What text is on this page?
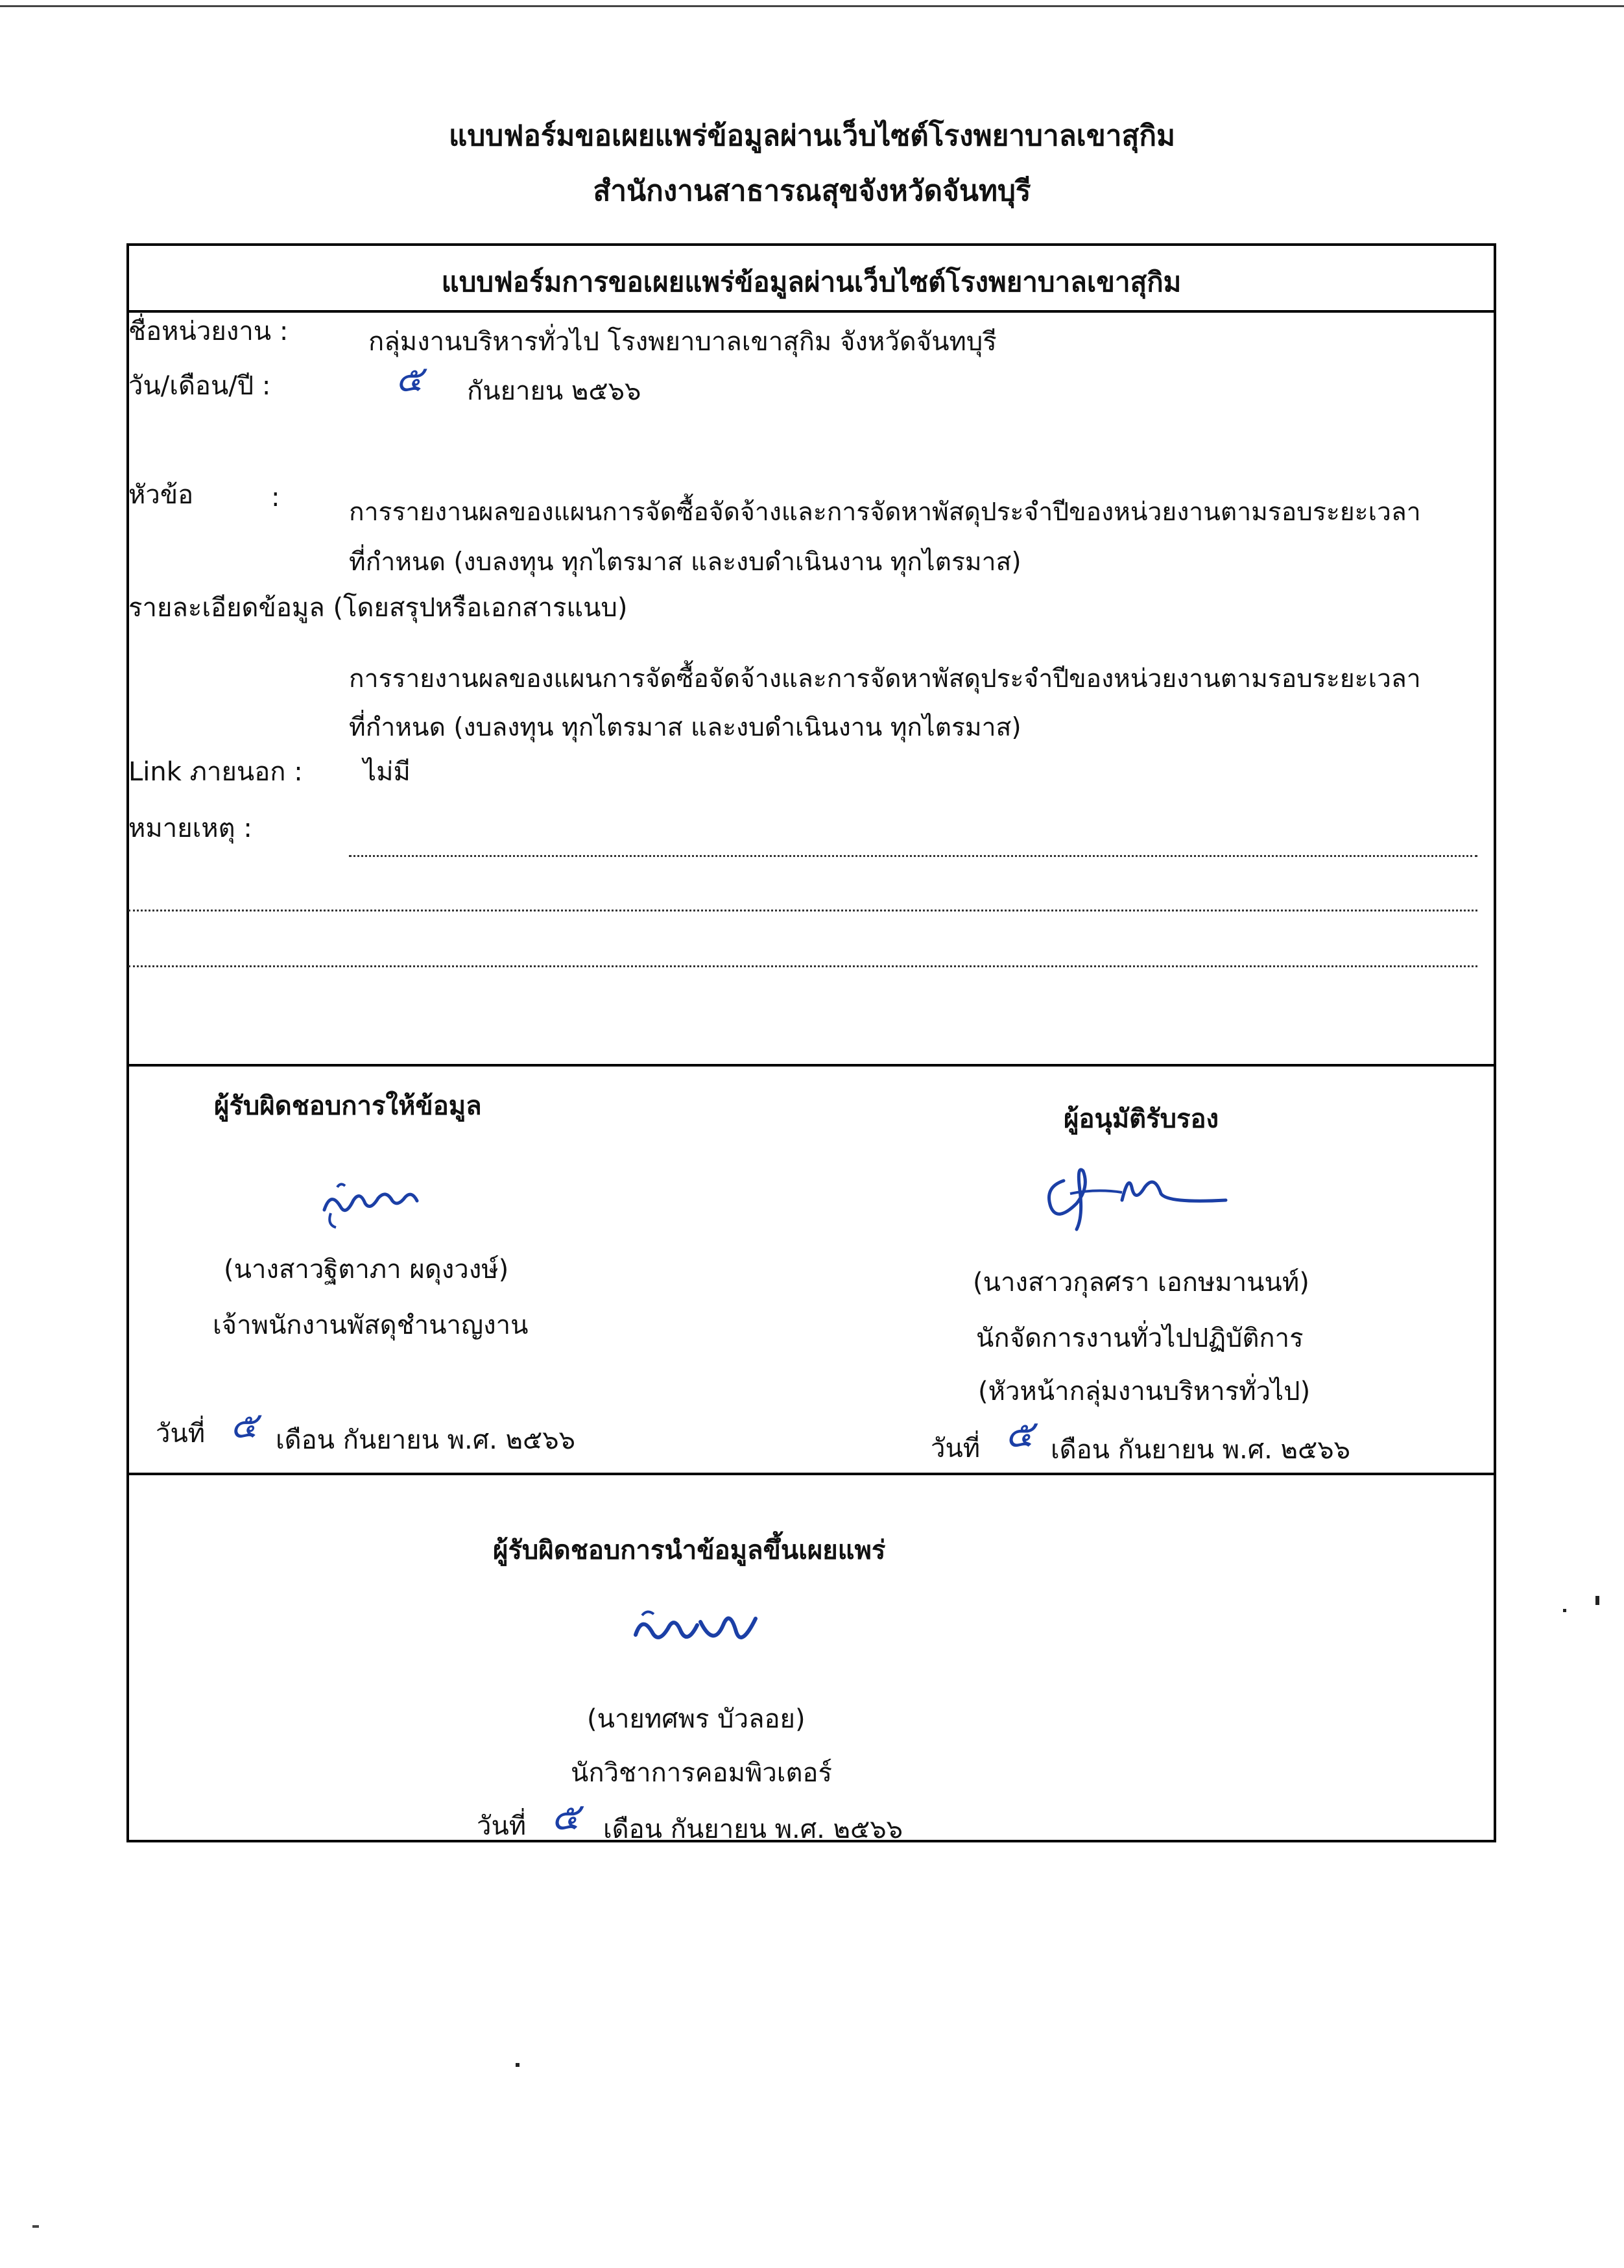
แบบฟอร์มขอเผยแพร่ข้อมูลผ่านเว็บไซต์โรงพยาบาลเขาสุกิม
สำนักงานสาธารณสุขจังหวัดจันทบุรี
แบบฟอร์มการขอเผยแพร่ข้อมูลผ่านเว็บไซต์โรงพยาบาลเขาสุกิม
ชื่อหน่วยงาน :	กลุ่มงานบริหารทั่วไป โรงพยาบาลเขาสุกิม จังหวัดจันทบุรี
วัน/เดือน/ปี :	๕ กันยายน ๒๕๖๖
หัวข้อ	:	การรายงานผลของแผนการจัดซื้อจัดจ้างและการจัดหาพัสดุประจำปีของหน่วยงานตามรอบระยะเวลา
ที่กำหนด (งบลงทุน ทุกไตรมาส และงบดำเนินงาน ทุกไตรมาส)
รายละเอียดข้อมูล (โดยสรุปหรือเอกสารแนบ)
การรายงานผลของแผนการจัดซื้อจัดจ้างและการจัดหาพัสดุประจำปีของหน่วยงานตามรอบระยะเวลา
ที่กำหนด (งบลงทุน ทุกไตรมาส และงบดำเนินงาน ทุกไตรมาส)
Link ภายนอก : ไม่มี
หมายเหตุ :
ผู้รับผิดชอบการให้ข้อมูล
(นางสาวฐิตาภา ผดุงวงษ์)
เจ้าพนักงานพัสดุชำนาญงาน
วันที่ ๕ เดือน กันยายน พ.ศ. ๒๕๖๖
ผู้อนุมัติรับรอง
(นางสาวกุลศรา เอกษมานนท์)
นักจัดการงานทั่วไปปฏิบัติการ
(หัวหน้ากลุ่มงานบริหารทั่วไป)
วันที่ ๕ เดือน กันยายน พ.ศ. ๒๕๖๖
ผู้รับผิดชอบการนำข้อมูลขึ้นเผยแพร่
(นายทศพร บัวลอย)
นักวิชาการคอมพิวเตอร์
วันที่ ๕ เดือน กันยายน พ.ศ. ๒๕๖๖
